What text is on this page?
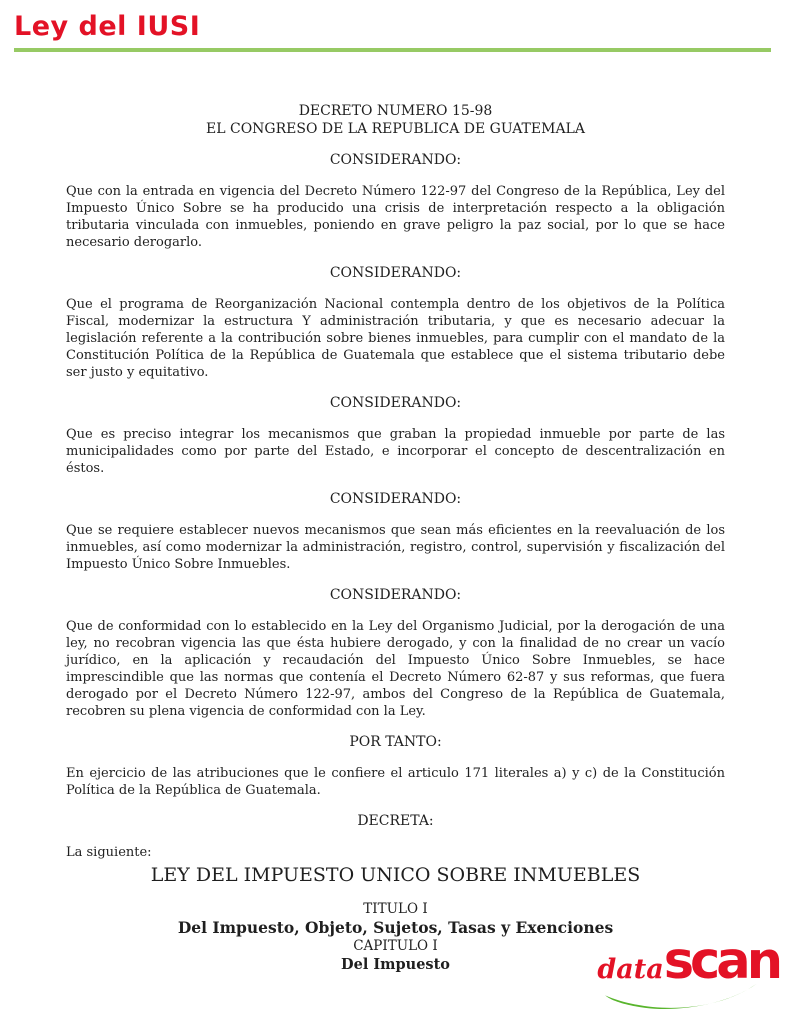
Ley del IUSI
DECRETO NUMERO 15-98
EL CONGRESO DE LA REPUBLICA DE GUATEMALA
CONSIDERANDO:

Que con la entrada en vigencia del Decreto Número 122-97 del Congreso de la República, Ley del Impuesto Único Sobre se ha producido una crisis de interpretación respecto a la obligación tributaria vinculada con inmuebles, poniendo en grave peligro la paz social, por lo que se hace necesario derogarlo.

CONSIDERANDO:

Que el programa de Reorganización Nacional contempla dentro de los objetivos de la Política Fiscal, modernizar la estructura Y administración tributaria, y que es necesario adecuar la legislación referente a la contribución sobre bienes inmuebles, para cumplir con el mandato de la Constitución Política de la República de Guatemala que establece que el sistema tributario debe ser justo y equitativo.

CONSIDERANDO:

Que es preciso integrar los mecanismos que graban la propiedad inmueble por parte de las municipalidades como por parte del Estado, e incorporar el concepto de descentralización en éstos.

CONSIDERANDO:

Que se requiere establecer nuevos mecanismos que sean más eficientes en la reevaluación de los inmuebles, así como modernizar la administración, registro, control, supervisión y fiscalización del Impuesto Único Sobre Inmuebles.

CONSIDERANDO:

Que de conformidad con lo establecido en la Ley del Organismo Judicial, por la derogación de una ley, no recobran vigencia las que ésta hubiere derogado, y con la finalidad de no crear un vacío jurídico, en la aplicación y recaudación del Impuesto Único Sobre Inmuebles, se hace imprescindible que las normas que contenía el Decreto Número 62-87 y sus reformas, que fuera derogado por el Decreto Número 122-97, ambos del Congreso de la República de Guatemala, recobren su plena vigencia de conformidad con la Ley.

POR TANTO:

En ejercicio de las atribuciones que le confiere el articulo 171 literales a) y c) de la Constitución Política de la República de Guatemala.

DECRETA:

La siguiente:

LEY DEL IMPUESTO UNICO SOBRE INMUEBLES
TITULO I
Del Impuesto, Objeto, Sujetos, Tasas y Exenciones
CAPITULO I
Del Impuesto	datascan
